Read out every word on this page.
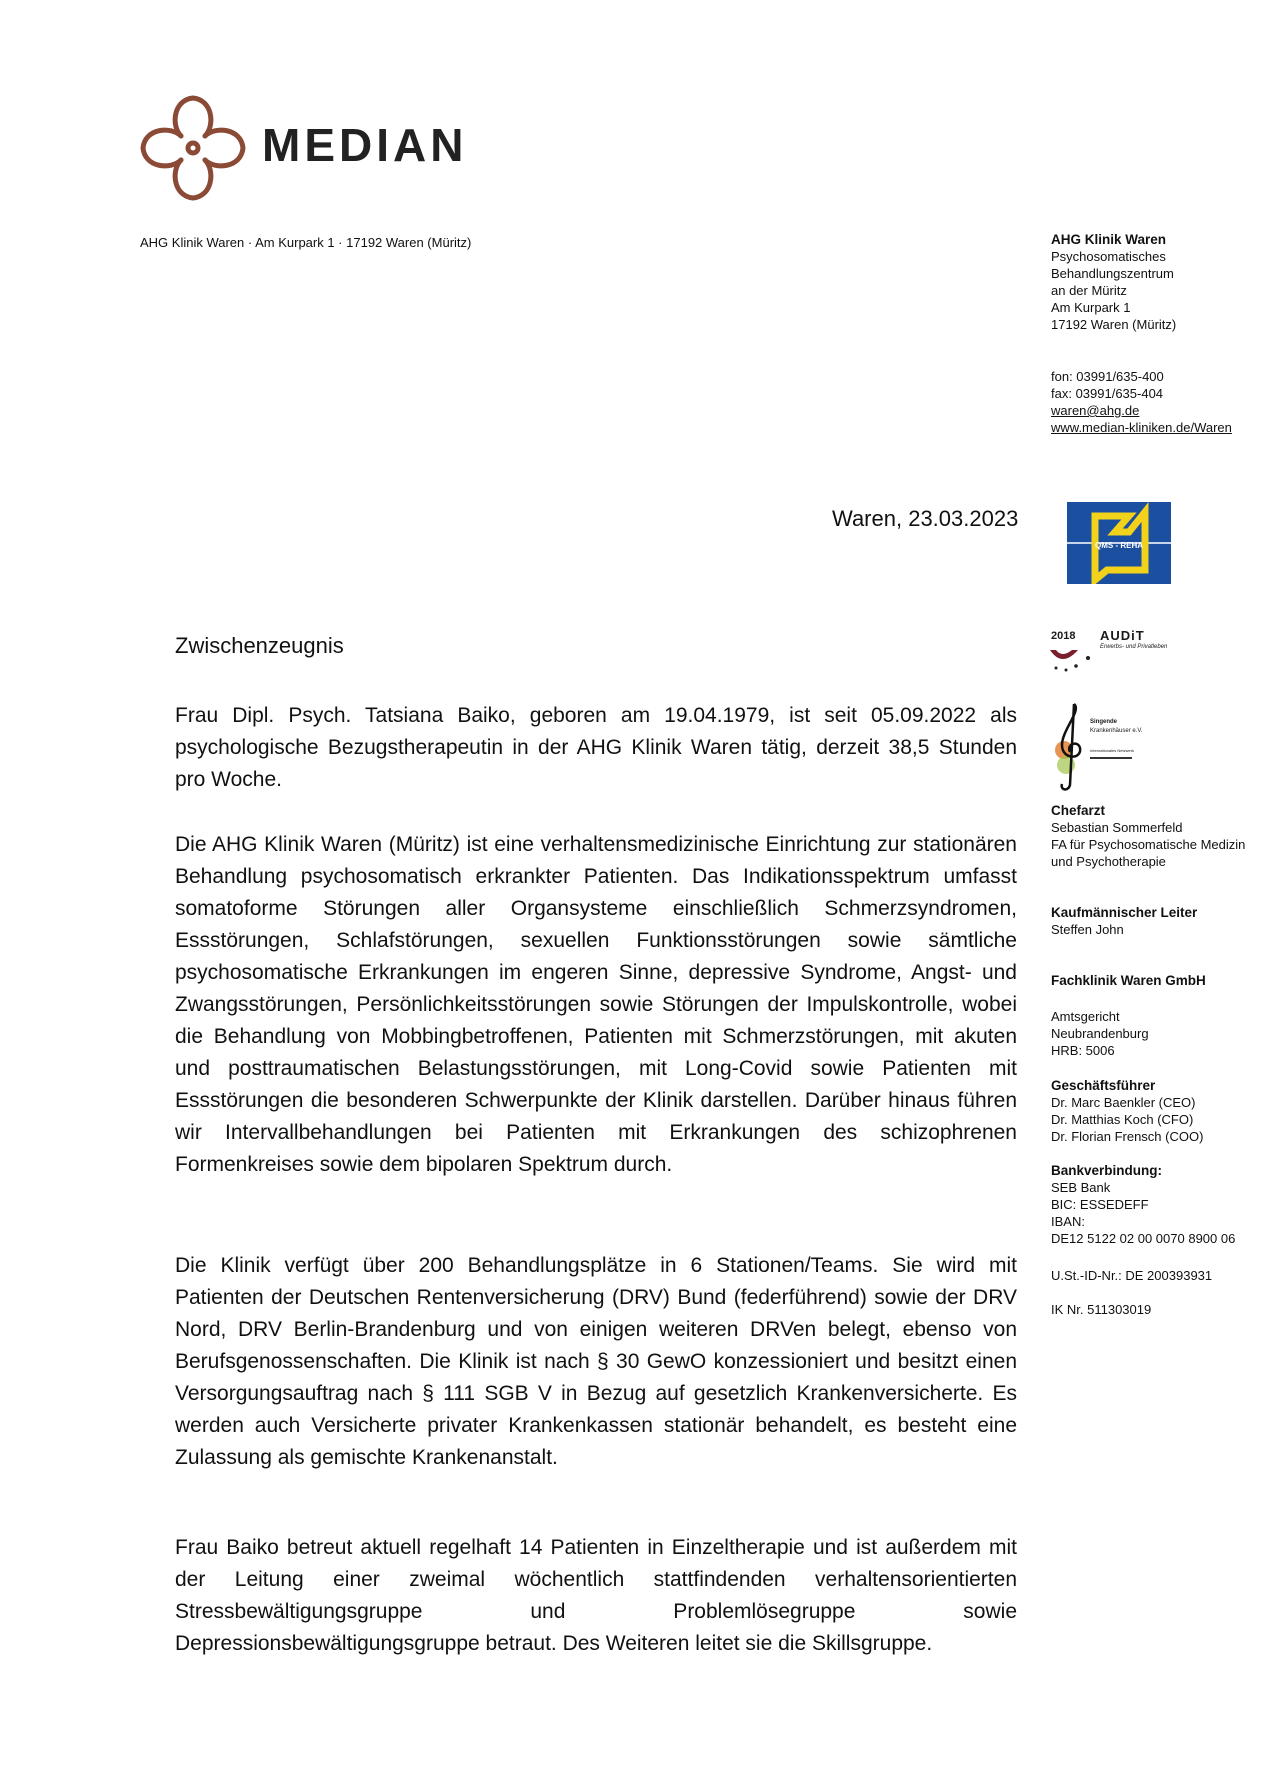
MEDIAN
AHG Klinik Waren · Am Kurpark 1 · 17192 Waren (Müritz)	AHG Klinik Waren
Psychosomatisches
Behandlungszentrum
an der Müritz
Am Kurpark 1
17192 Waren (Müritz)
fon: 03991/635-400
fax: 03991/635-404
waren@ahg.de
www.median-kliniken.de/Waren
Waren, 23.03.2023
QMS - REHA
2018 AUDiT
Erwerbs- und Privatleben
Singende
Krankenhäuser e.V.
Internationales Netzwerk
Chefarzt
Sebastian Sommerfeld
FA für Psychosomatische Medizin
und Psychotherapie
Kaufmännischer Leiter
Steffen John
Fachklinik Waren GmbH
Amtsgericht
Neubrandenburg
HRB: 5006
Geschäftsführer
Dr. Marc Baenkler (CEO)
Dr. Matthias Koch (CFO)
Dr. Florian Frensch (COO)
Bankverbindung:
SEB Bank
BIC: ESSEDEFF
IBAN:
DE12 5122 02 00 0070 8900 06
U.St.-ID-Nr.: DE 200393931
IK Nr. 511303019
Zwischenzeugnis

Frau Dipl. Psych. Tatsiana Baiko, geboren am 19.04.1979, ist seit 05.09.2022 als psychologische Bezugstherapeutin in der AHG Klinik Waren tätig, derzeit 38,5 Stunden pro Woche.

Die AHG Klinik Waren (Müritz) ist eine verhaltensmedizinische Einrichtung zur stationären Behandlung psychosomatisch erkrankter Patienten. Das Indikationsspektrum umfasst somatoforme Störungen aller Organsysteme einschließlich Schmerzsyndromen, Essstörungen, Schlafstörungen, sexuellen Funktionsstörungen sowie sämtliche psychosomatische Erkrankungen im engeren Sinne, depressive Syndrome, Angst- und Zwangsstörungen, Persönlichkeitsstörungen sowie Störungen der Impulskontrolle, wobei die Behandlung von Mobbingbetroffenen, Patienten mit Schmerzstörungen, mit akuten und posttraumatischen Belastungsstörungen, mit Long-Covid sowie Patienten mit Essstörungen die besonderen Schwerpunkte der Klinik darstellen. Darüber hinaus führen wir Intervallbehandlungen bei Patienten mit Erkrankungen des schizophrenen Formenkreises sowie dem bipolaren Spektrum durch.

Die Klinik verfügt über 200 Behandlungsplätze in 6 Stationen/Teams. Sie wird mit Patienten der Deutschen Rentenversicherung (DRV) Bund (federführend) sowie der DRV Nord, DRV Berlin-Brandenburg und von einigen weiteren DRVen belegt, ebenso von Berufsgenossenschaften. Die Klinik ist nach § 30 GewO konzessioniert und besitzt einen Versorgungsauftrag nach § 111 SGB V in Bezug auf gesetzlich Krankenversicherte. Es werden auch Versicherte privater Krankenkassen stationär behandelt, es besteht eine Zulassung als gemischte Krankenanstalt.

Frau Baiko betreut aktuell regelhaft 14 Patienten in Einzeltherapie und ist außerdem mit der Leitung einer zweimal wöchentlich stattfindenden verhaltensorientierten Stressbewältigungsgruppe und Problemlösegruppe sowie Depressionsbewältigungsgruppe betraut. Des Weiteren leitet sie die Skillsgruppe.
